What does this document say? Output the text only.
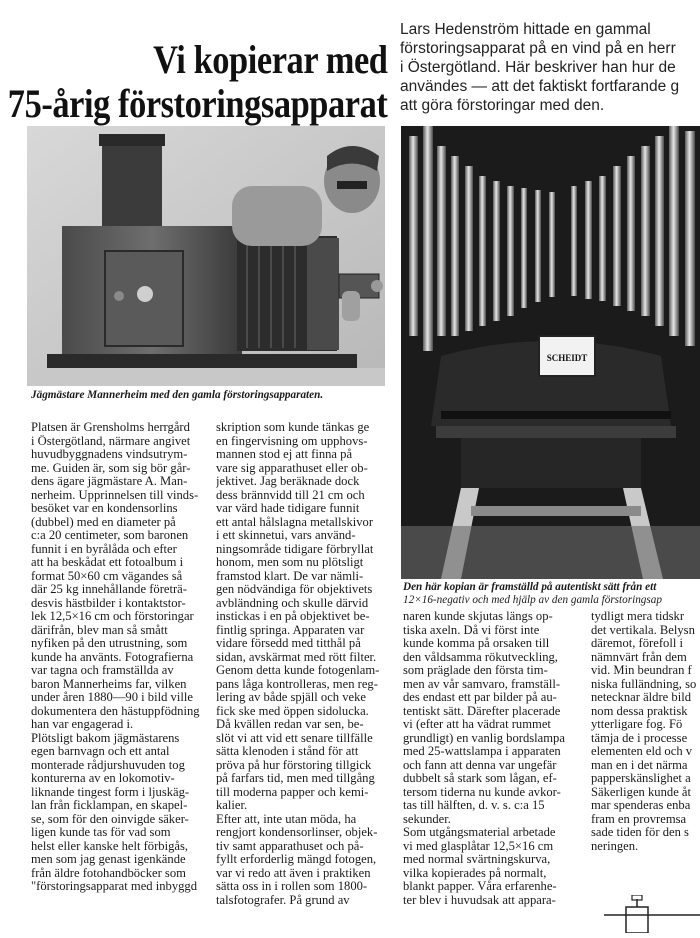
Vi kopierar med
75-årig förstoringsapparat
Lars Hedenström hittade en gammal
förstoringsapparat på en vind på en herr
i Östergötland. Här beskriver han hur de
användes — att det faktiskt fortfarande g
att göra förstoringar med den.
Jägmästare Mannerheim med den gamla förstoringsapparaten.
SCHEIDT
Den här kopian är framställd på autentiskt sätt från ett
12×16-negativ och med hjälp av den gamla förstoringsap
Platsen är Grensholms herrgård
i Östergötland, närmare angivet
huvudbyggnadens vindsutrym-
me. Guiden är, som sig bör går-
dens ägare jägmästare A. Man-
nerheim. Upprinnelsen till vinds-
besöket var en kondensorlins
(dubbel) med en diameter på
c:a 20 centimeter, som baronen
funnit i en byrålåda och efter
att ha beskådat ett fotoalbum i
format 50×60 cm vägandes så
där 25 kg innehållande företrä-
desvis hästbilder i kontaktstor-
lek 12,5×16 cm och förstoringar
därifrån, blev man så smått
nyfiken på den utrustning, som
kunde ha använts. Fotografierna
var tagna och framställda av
baron Mannerheims far, vilken
under åren 1880—90 i bild ville
dokumentera den hästuppfödning
han var engagerad i.
Plötsligt bakom jägmästarens
egen barnvagn och ett antal
monterade rådjurshuvuden tog
konturerna av en lokomotiv-
liknande tingest form i ljuskäg-
lan från ficklampan, en skapel-
se, som för den oinvigde säker-
ligen kunde tas för vad som
helst eller kanske helt förbigås,
men som jag genast igenkände
från äldre fotohandböcker som
"förstoringsapparat med inbyggd
skription som kunde tänkas ge
en fingervisning om upphovs-
mannen stod ej att finna på
vare sig apparathuset eller ob-
jektivet. Jag beräknade dock
dess brännvidd till 21 cm och
var värd hade tidigare funnit
ett antal hålslagna metallskivor
i ett skinnetui, vars använd-
ningsområde tidigare förbryllat
honom, men som nu plötsligt
framstod klart. De var nämli-
gen nödvändiga för objektivets
avbländning och skulle därvid
instickas i en på objektivet be-
fintlig springa. Apparaten var
vidare försedd med titthål på
sidan, avskärmat med rött filter.
Genom detta kunde fotogenlam-
pans låga kontrolleras, men reg-
lering av både spjäll och veke
fick ske med öppen sidolucka.
Då kvällen redan var sen, be-
slöt vi att vid ett senare tillfälle
sätta klenoden i stånd för att
pröva på hur förstoring tillgick
på farfars tid, men med tillgång
till moderna papper och kemi-
kalier.
Efter att, inte utan möda, ha
rengjort kondensorlinser, objek-
tiv samt apparathuset och på-
fyllt erforderlig mängd fotogen,
var vi redo att även i praktiken
sätta oss in i rollen som 1800-
talsfotografer. På grund av
naren kunde skjutas längs op-
tiska axeln. Då vi först inte
kunde komma på orsaken till
den våldsamma rökutveckling,
som präglade den första tim-
men av vår samvaro, framställ-
des endast ett par bilder på au-
tentiskt sätt. Därefter placerade
vi (efter att ha vädrat rummet
grundligt) en vanlig bordslampa
med 25-wattslampa i apparaten
och fann att denna var ungefär
dubbelt så stark som lågan, ef-
tersom tiderna nu kunde avkor-
tas till hälften, d. v. s. c:a 15
sekunder.
Som utgångsmaterial arbetade
vi med glasplåtar 12,5×16 cm
med normal svärtningskurva,
vilka kopierades på normalt,
blankt papper. Våra erfarenhe-
ter blev i huvudsak att appara-
tydligt mera tidskr
det vertikala. Belysn
däremot, förefoll i
nämnvärt från dem
vid. Min beundran f
niska fulländning, so
netecknar äldre bild
nom dessa praktisk
ytterligare fog. Fö
tämja de i processe
elementen eld och v
man en i det närma
papperskänslighet a
Säkerligen kunde åt
mar spenderas enba
fram en provremsa
sade tiden för den s
neringen.
